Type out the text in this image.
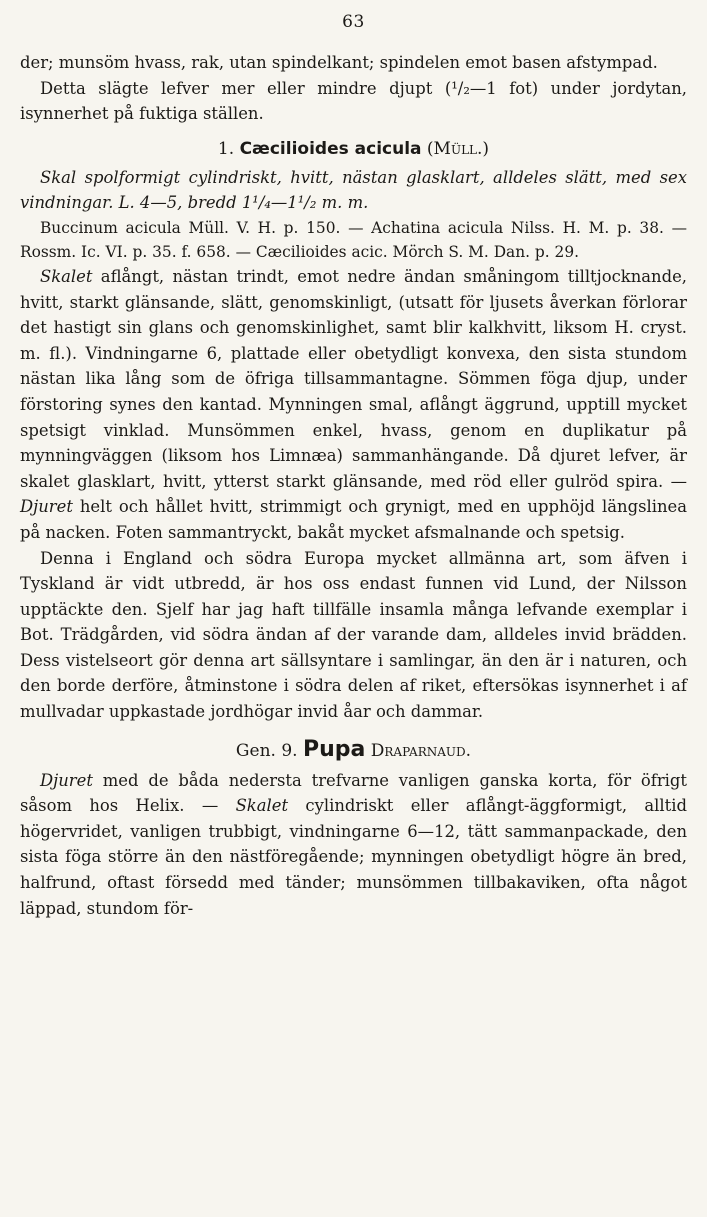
63

der; munsöm hvass, rak, utan spindelkant; spindelen emot basen afstympad.

Detta slägte lefver mer eller mindre djupt (¹/₂—1 fot) under jordytan, isynnerhet på fuktiga ställen.

1. Cæcilioides acicula (Müll.)

Skal spolformigt cylindriskt, hvitt, nästan glasklart, alldeles slätt, med sex vindningar. L. 4—5, bredd 1¹/₄—1¹/₂ m. m.

Buccinum acicula Müll. V. H. p. 150. — Achatina acicula Nilss. H. M. p. 38. — Rossm. Ic. VI. p. 35. f. 658. — Cæcilioides acic. Mörch S. M. Dan. p. 29.

Skalet aflångt, nästan trindt, emot nedre ändan småningom tilltjocknande, hvitt, starkt glänsande, slätt, genomskinligt, (utsatt för ljusets åverkan förlorar det hastigt sin glans och genomskinlighet, samt blir kalkhvitt, liksom H. cryst. m. fl.). Vindningarne 6, plattade eller obetydligt konvexa, den sista stundom nästan lika lång som de öfriga tillsammantagne. Sömmen föga djup, under förstoring synes den kantad. Mynningen smal, aflångt äggrund, upptill mycket spetsigt vinklad. Munsömmen enkel, hvass, genom en duplikatur på mynningväggen (liksom hos Limnæa) sammanhängande. Då djuret lefver, är skalet glasklart, hvitt, ytterst starkt glänsande, med röd eller gulröd spira. — Djuret helt och hållet hvitt, strimmigt och grynigt, med en upphöjd längslinea på nacken. Foten sammantryckt, bakåt mycket afsmalnande och spetsig.

Denna i England och södra Europa mycket allmänna art, som äfven i Tyskland är vidt utbredd, är hos oss endast funnen vid Lund, der Nilsson upptäckte den. Sjelf har jag haft tillfälle insamla många lefvande exemplar i Bot. Trädgården, vid södra ändan af der varande dam, alldeles invid brädden. Dess vistelseort gör denna art sällsyntare i samlingar, än den är i naturen, och den borde derföre, åtminstone i södra delen af riket, eftersökas isynnerhet i af mullvadar uppkastade jordhögar invid åar och dammar.

Gen. 9. Pupa Draparnaud.

Djuret med de båda nedersta trefvarne vanligen ganska korta, för öfrigt såsom hos Helix. — Skalet cylindriskt eller aflångt-äggformigt, alltid högervridet, vanligen trubbigt, vindningarne 6—12, tätt sammanpackade, den sista föga större än den nästföregående; mynningen obetydligt högre än bred, halfrund, oftast försedd med tänder; munsömmen tillbakaviken, ofta något läppad, stundom för-
